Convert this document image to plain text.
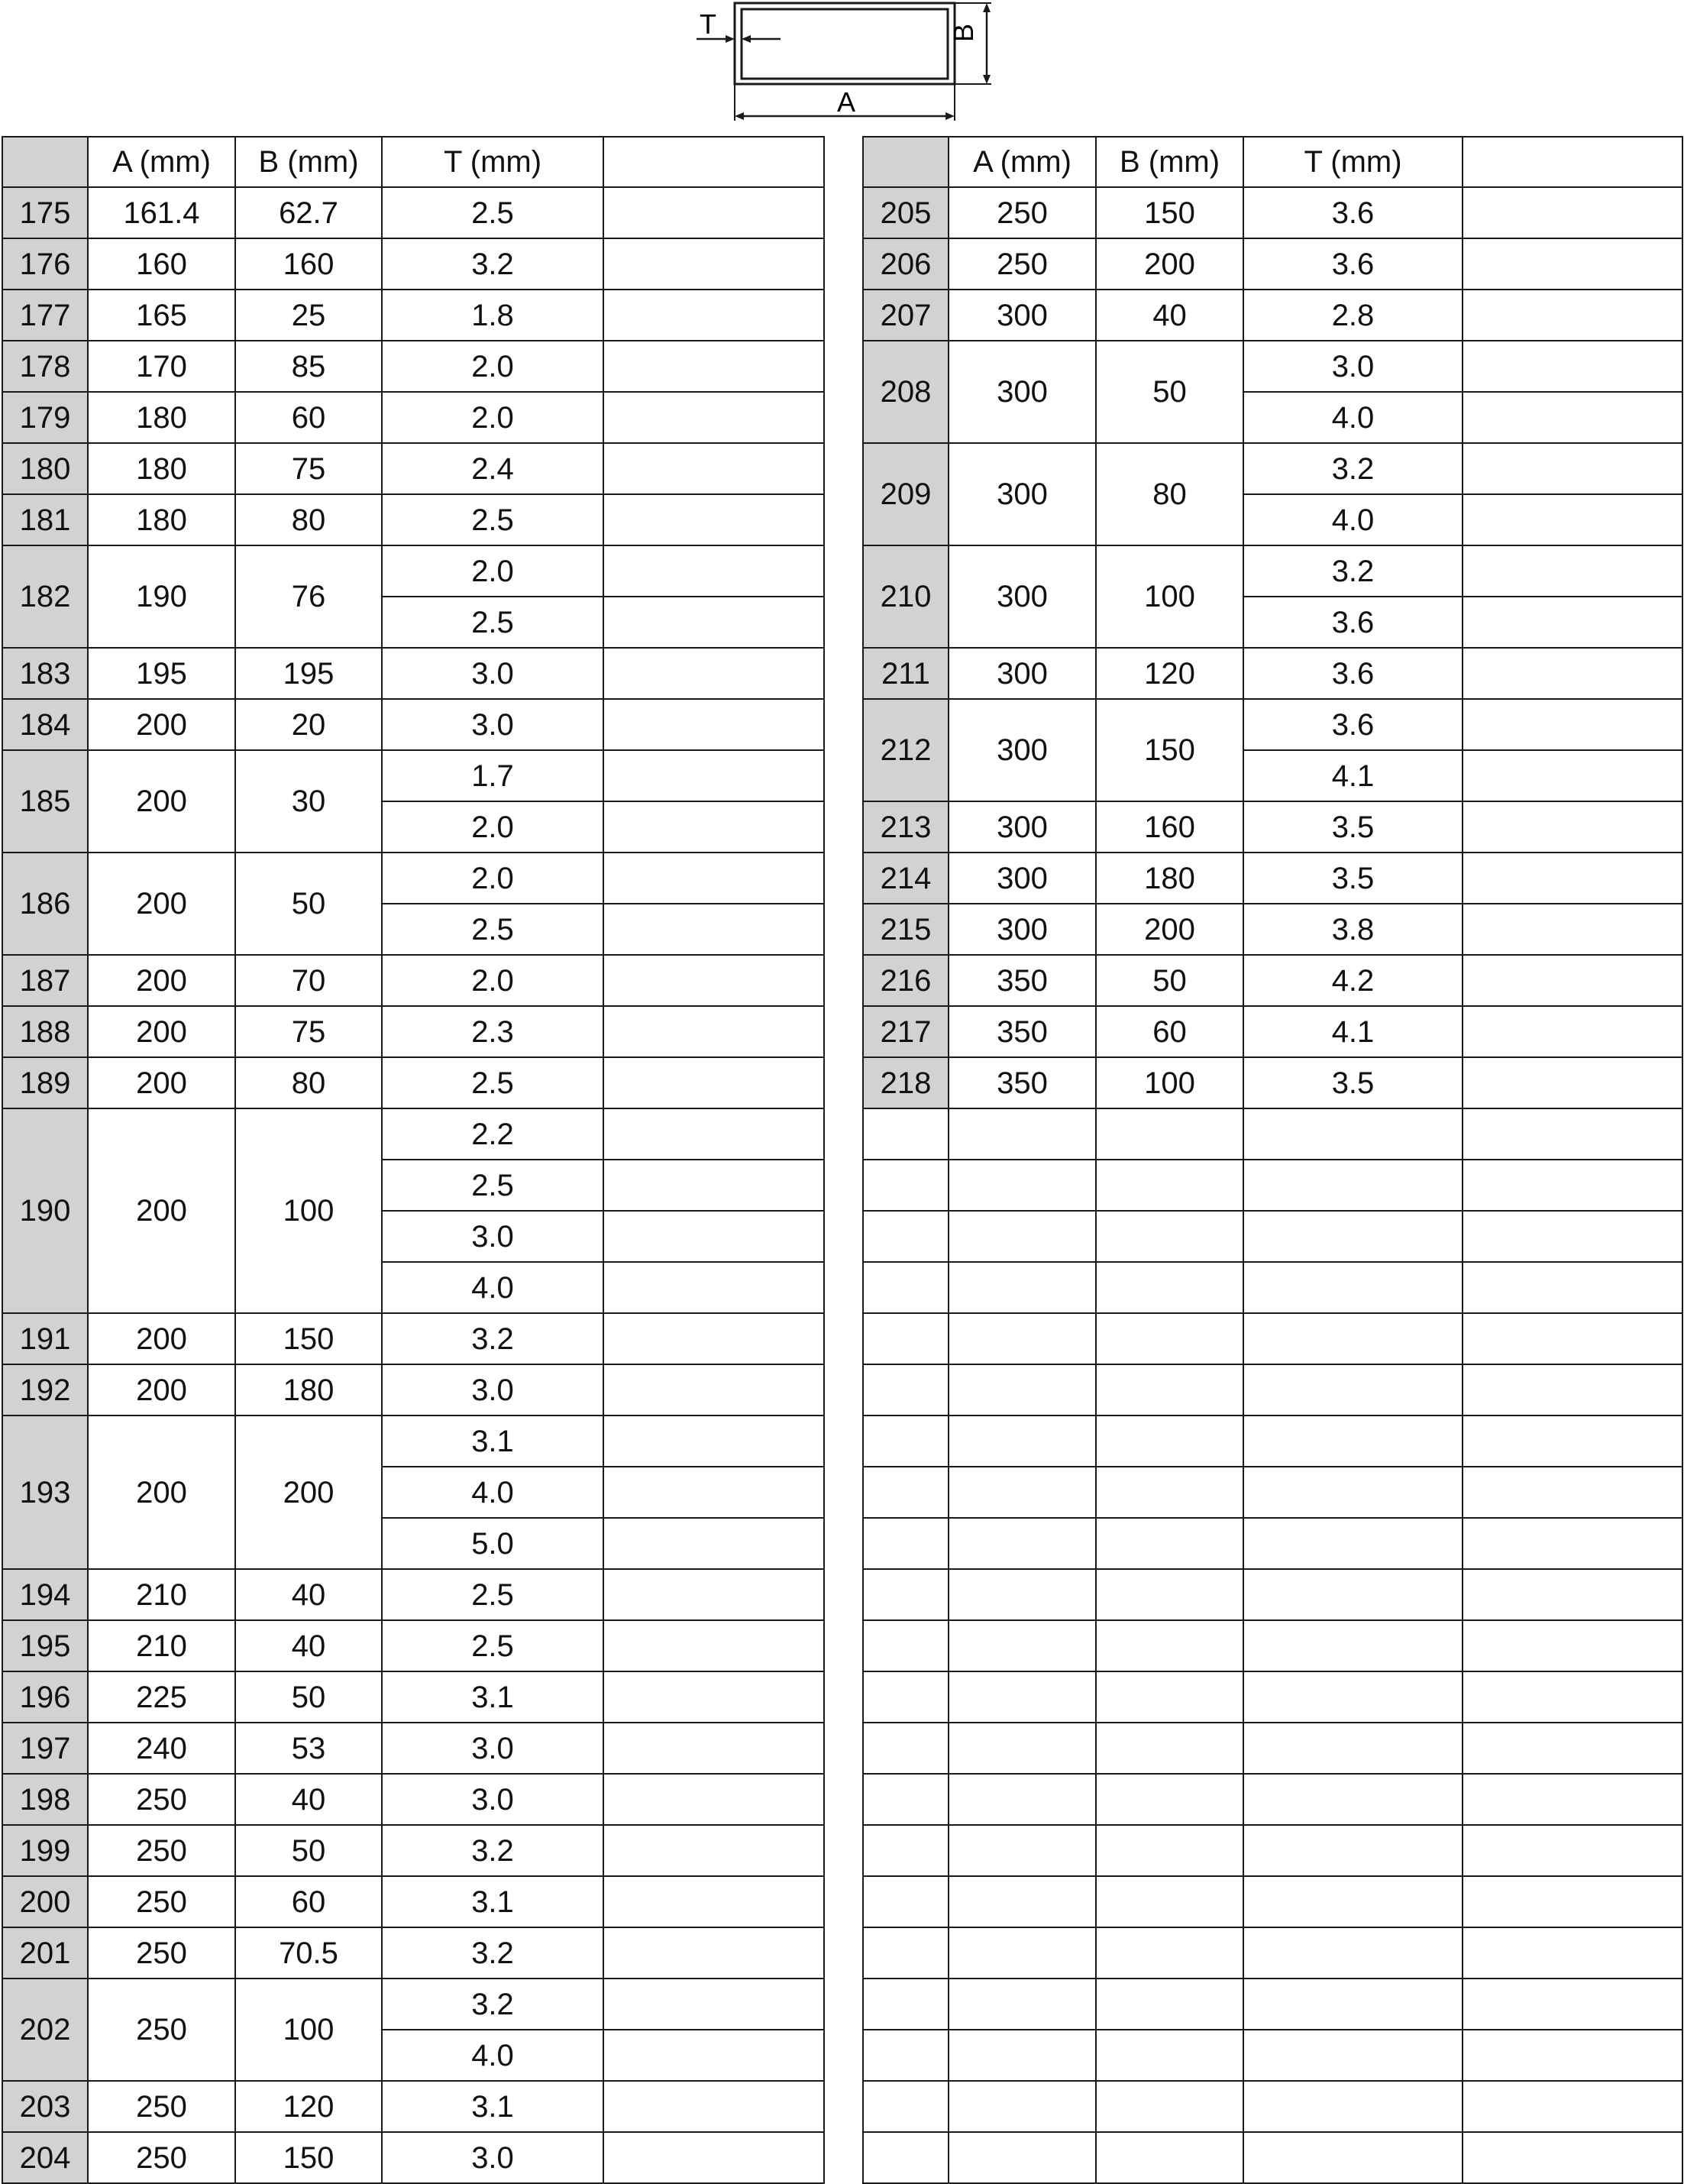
T	B
A
	A (mm)	B (mm)	T (mm)	
175	161.4	62.7	2.5	
176	160	160	3.2	
177	165	25	1.8	
178	170	85	2.0	
179	180	60	2.0	
180	180	75	2.4	
181	180	80	2.5	
182	190	76	2.0	
			2.5	
183	195	195	3.0	
184	200	20	3.0	
185	200	30	1.7	
			2.0	
186	200	50	2.0	
			2.5	
187	200	70	2.0	
188	200	75	2.3	
189	200	80	2.5	
190	200	100	2.2	
			2.5	
			3.0	
			4.0	
191	200	150	3.2	
192	200	180	3.0	
193	200	200	3.1	
			4.0	
			5.0	
194	210	40	2.5	
195	210	40	2.5	
196	225	50	3.1	
197	240	53	3.0	
198	250	40	3.0	
199	250	50	3.2	
200	250	60	3.1	
201	250	70.5	3.2	
202	250	100	3.2	
			4.0	
203	250	120	3.1	
204	250	150	3.0	
	A (mm)	B (mm)	T (mm)	
205	250	150	3.6	
206	250	200	3.6	
207	300	40	2.8	
208	300	50	3.0	
			4.0	
209	300	80	3.2	
			4.0	
210	300	100	3.2	
			3.6	
211	300	120	3.6	
212	300	150	3.6	
			4.1	
213	300	160	3.5	
214	300	180	3.5	
215	300	200	3.8	
216	350	50	4.2	
217	350	60	4.1	
218	350	100	3.5	
